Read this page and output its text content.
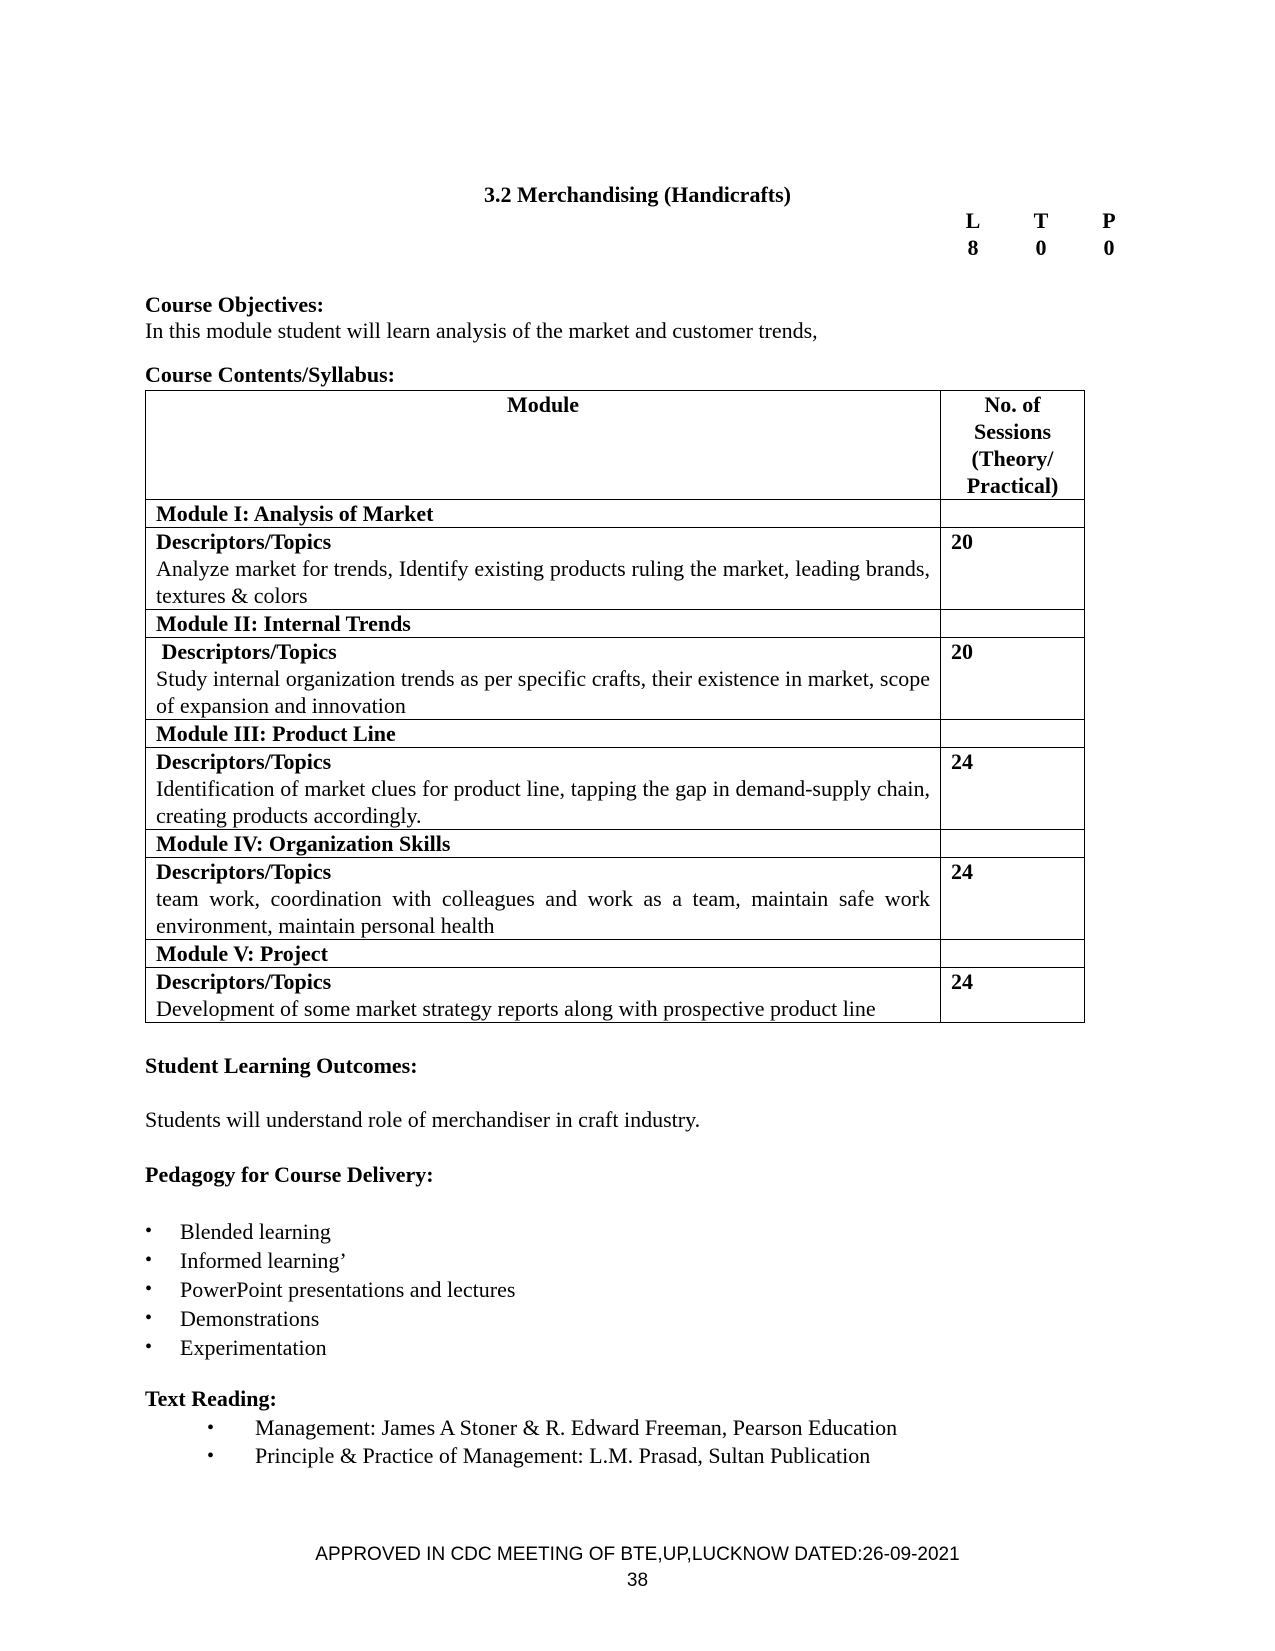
3.2 Merchandising (Handicrafts)
L	T	P
8	0	0
Course Objectives:
In this module student will learn analysis of the market and customer trends,
Course Contents/Syllabus:
Module	No. of
Sessions
(Theory/
Practical)

Module I: Analysis of Market	

Descriptors/Topics
Analyze market for trends, Identify existing products ruling the market, leading brands, textures & colors	20
Module II: Internal Trends	

Descriptors/Topics
Study internal organization trends as per specific crafts, their existence in market, scope of expansion and innovation	20
Module III: Product Line	

Descriptors/Topics
Identification of market clues for product line, tapping the gap in demand-supply chain, creating products accordingly.	24
Module IV: Organization Skills	

Descriptors/Topics
team work, coordination with colleagues and work as a team, maintain safe work environment, maintain personal health	24
Module V: Project	

Descriptors/Topics
Development of some market strategy reports along with prospective product line	24
Student Learning Outcomes:
Students will understand role of merchandiser in craft industry.
Pedagogy for Course Delivery:
• Blended learning
• Informed learning’
• PowerPoint presentations and lectures
• Demonstrations
• Experimentation
Text Reading:
• Management: James A Stoner & R. Edward Freeman, Pearson Education
• Principle & Practice of Management: L.M. Prasad, Sultan Publication
APPROVED IN CDC MEETING OF BTE,UP,LUCKNOW DATED:26-09-2021
38
